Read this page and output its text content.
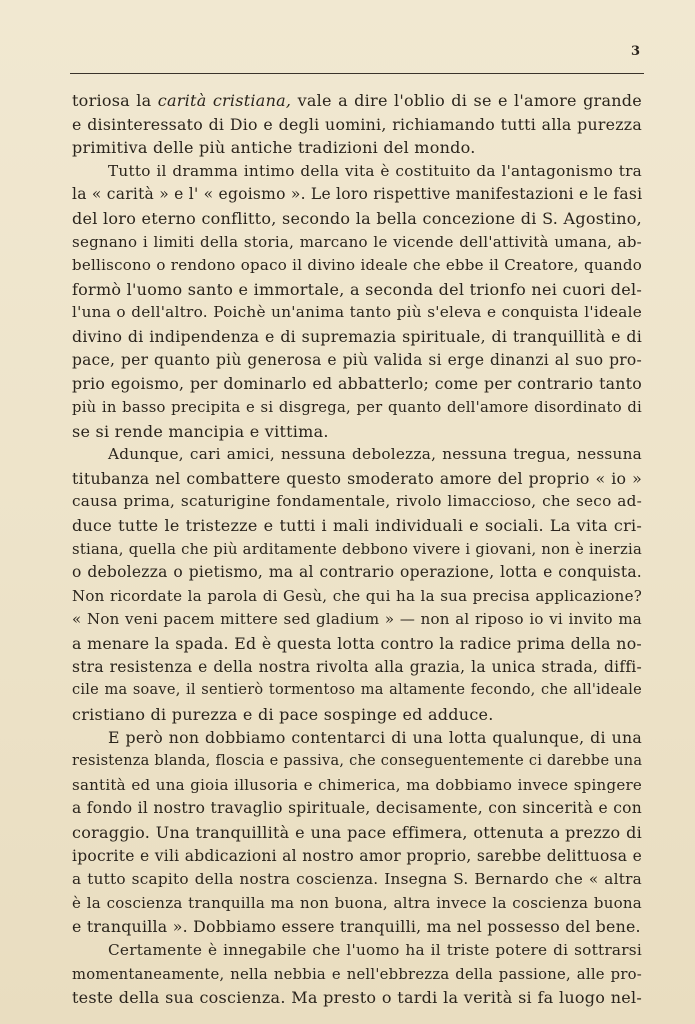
3
toriosa la carità cristiana, vale a dire l'oblio di se e l'amore grande
e disinteressato di Dio e degli uomini, richiamando tutti alla purezza
primitiva delle più antiche tradizioni del mondo.
Tutto il dramma intimo della vita è costituito da l'antagonismo tra
la « carità » e l' « egoismo ». Le loro rispettive manifestazioni e le fasi
del loro eterno conflitto, secondo la bella concezione di S. Agostino,
segnano i limiti della storia, marcano le vicende dell'attività umana, ab-
belliscono o rendono opaco il divino ideale che ebbe il Creatore, quando
formò l'uomo santo e immortale, a seconda del trionfo nei cuori del-
l'una o dell'altro. Poichè un'anima tanto più s'eleva e conquista l'ideale
divino di indipendenza e di supremazia spirituale, di tranquillità e di
pace, per quanto più generosa e più valida si erge dinanzi al suo pro-
prio egoismo, per dominarlo ed abbatterlo; come per contrario tanto
più in basso precipita e si disgrega, per quanto dell'amore disordinato di
se si rende mancipia e vittima.
Adunque, cari amici, nessuna debolezza, nessuna tregua, nessuna
titubanza nel combattere questo smoderato amore del proprio « io »
causa prima, scaturigine fondamentale, rivolo limaccioso, che seco ad-
duce tutte le tristezze e tutti i mali individuali e sociali. La vita cri-
stiana, quella che più arditamente debbono vivere i giovani, non è inerzia
o debolezza o pietismo, ma al contrario operazione, lotta e conquista.
Non ricordate la parola di Gesù, che qui ha la sua precisa applicazione?
« Non veni pacem mittere sed gladium » — non al riposo io vi invito ma
a menare la spada. Ed è questa lotta contro la radice prima della no-
stra resistenza e della nostra rivolta alla grazia, la unica strada, diffi-
cile ma soave, il sentierò tormentoso ma altamente fecondo, che all'ideale
cristiano di purezza e di pace sospinge ed adduce.
E però non dobbiamo contentarci di una lotta qualunque, di una
resistenza blanda, floscia e passiva, che conseguentemente ci darebbe una
santità ed una gioia illusoria e chimerica, ma dobbiamo invece spingere
a fondo il nostro travaglio spirituale, decisamente, con sincerità e con
coraggio. Una tranquillità e una pace effimera, ottenuta a prezzo di
ipocrite e vili abdicazioni al nostro amor proprio, sarebbe delittuosa e
a tutto scapito della nostra coscienza. Insegna S. Bernardo che « altra
è la coscienza tranquilla ma non buona, altra invece la coscienza buona
e tranquilla ». Dobbiamo essere tranquilli, ma nel possesso del bene.
Certamente è innegabile che l'uomo ha il triste potere di sottrarsi
momentaneamente, nella nebbia e nell'ebbrezza della passione, alle pro-
teste della sua coscienza. Ma presto o tardi la verità si fa luogo nel-
